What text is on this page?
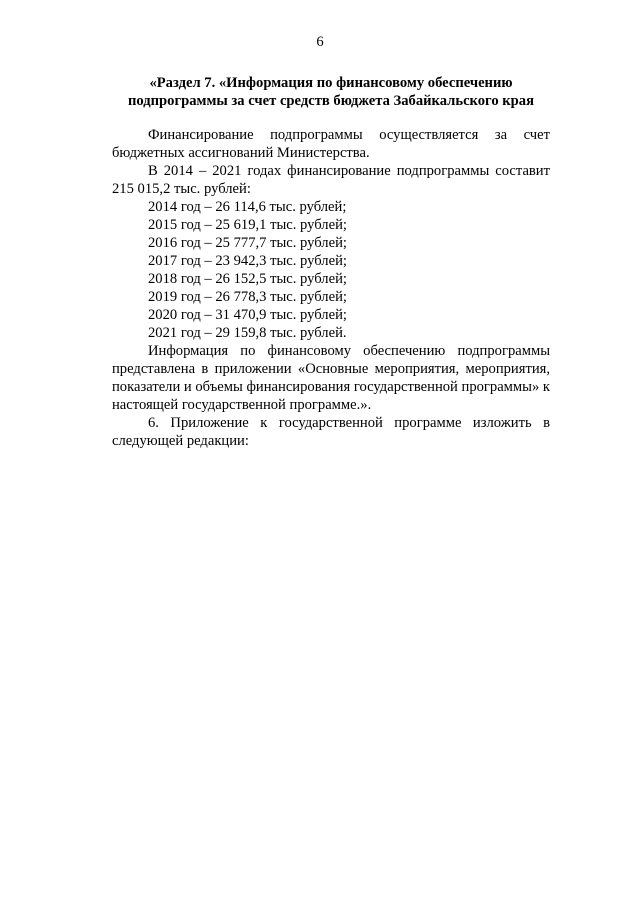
6
«Раздел 7. «Информация по финансовому обеспечению
подпрограммы за счет средств бюджета Забайкальского края

Финансирование подпрограммы осуществляется за счет бюджетных ассигнований Министерства.

В 2014 – 2021 годах финансирование подпрограммы составит 215 015,2 тыс. рублей:

2014 год – 26 114,6 тыс. рублей;
2015 год – 25 619,1 тыс. рублей;
2016 год – 25 777,7 тыс. рублей;
2017 год – 23 942,3 тыс. рублей;
2018 год – 26 152,5 тыс. рублей;
2019 год – 26 778,3 тыс. рублей;
2020 год – 31 470,9 тыс. рублей;
2021 год – 29 159,8 тыс. рублей.

Информация по финансовому обеспечению подпрограммы представлена в приложении «Основные мероприятия, мероприятия, показатели и объемы финансирования государственной программы» к настоящей государственной программе.».

6. Приложение к государственной программе изложить в следующей редакции:
